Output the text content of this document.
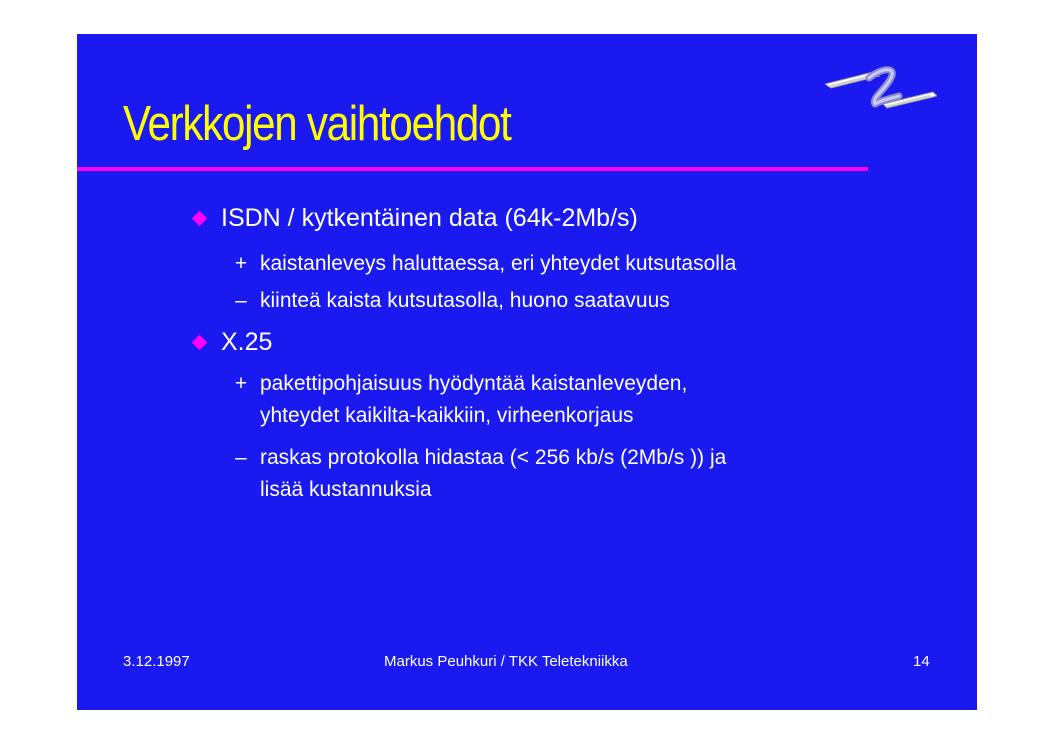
Verkkojen vaihtoehdot
ISDN / kytkentäinen data (64k-2Mb/s)
+ kaistanleveys haluttaessa, eri yhteydet kutsutasolla
– kiinteä kaista kutsutasolla, huono saatavuus
X.25
+ pakettipohjaisuus hyödyntää kaistanleveyden,
yhteydet kaikilta-kaikkiin, virheenkorjaus
– raskas protokolla hidastaa (< 256 kb/s (2Mb/s )) ja
lisää kustannuksia
3.12.1997	Markus Peuhkuri / TKK Teletekniikka	14
